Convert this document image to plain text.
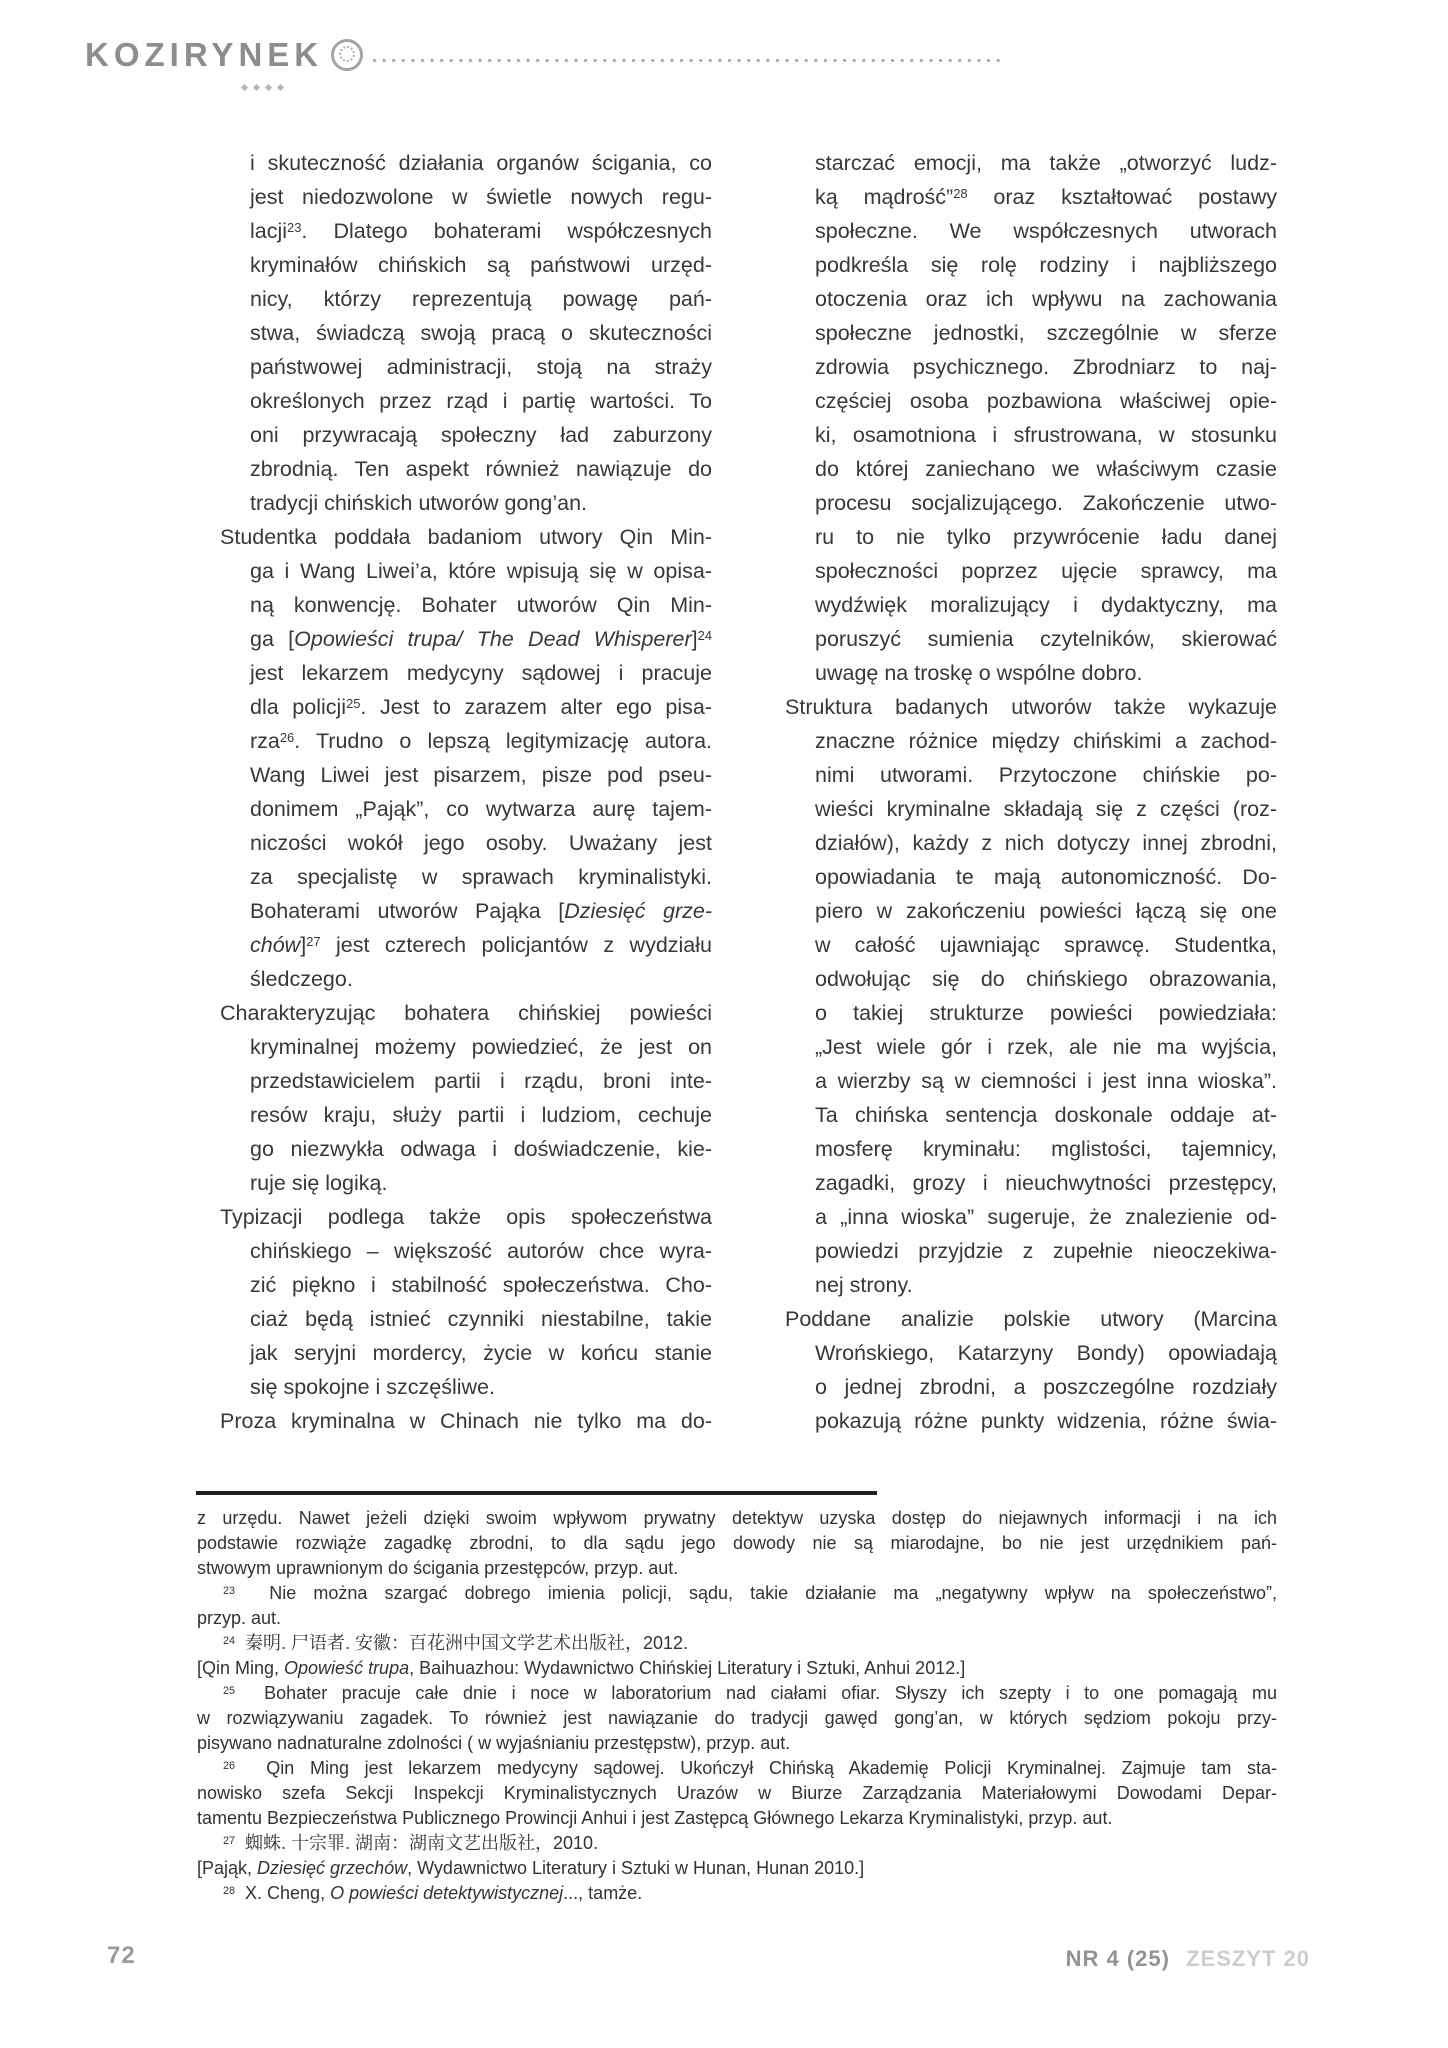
KOZIRYNEK
i skuteczność działania organów ścigania, co
jest niedozwolone w świetle nowych regu-
lacji$^{23}$. Dlatego bohaterami współczesnych
kryminałów chińskich są państwowi urzęd-
nicy, którzy reprezentują powagę pań-
stwa, świadczą swoją pracą o skuteczności
państwowej administracji, stoją na straży
określonych przez rząd i partię wartości. To
oni przywracają społeczny ład zaburzony
zbrodnią. Ten aspekt również nawiązuje do
tradycji chińskich utworów gong’an.
Studentka poddała badaniom utwory Qin Min-
ga i Wang Liwei’a, które wpisują się w opisa-
ną konwencję. Bohater utworów Qin Min-
ga [Opowieści trupa/ The Dead Whisperer]$^{24}$
jest lekarzem medycyny sądowej i pracuje
dla policji$^{25}$. Jest to zarazem alter ego pisa-
rza$^{26}$. Trudno o lepszą legitymizację autora.
Wang Liwei jest pisarzem, pisze pod pseu-
donimem „Pająk”, co wytwarza aurę tajem-
niczości wokół jego osoby. Uważany jest
za specjalistę w sprawach kryminalistyki.
Bohaterami utworów Pająka [Dziesięć grze-
chów]$^{27}$ jest czterech policjantów z wydziału
śledczego.
Charakteryzując bohatera chińskiej powieści
kryminalnej możemy powiedzieć, że jest on
przedstawicielem partii i rządu, broni inte-
resów kraju, służy partii i ludziom, cechuje
go niezwykła odwaga i doświadczenie, kie-
ruje się logiką.
Typizacji podlega także opis społeczeństwa
chińskiego – większość autorów chce wyra-
zić piękno i stabilność społeczeństwa. Cho-
ciaż będą istnieć czynniki niestabilne, takie
jak seryjni mordercy, życie w końcu stanie
się spokojne i szczęśliwe.
Proza kryminalna w Chinach nie tylko ma do-
starczać emocji, ma także „otworzyć ludz-
ką mądrość”$^{28}$ oraz kształtować postawy
społeczne. We współczesnych utworach
podkreśla się rolę rodziny i najbliższego
otoczenia oraz ich wpływu na zachowania
społeczne jednostki, szczególnie w sferze
zdrowia psychicznego. Zbrodniarz to naj-
częściej osoba pozbawiona właściwej opie-
ki, osamotniona i sfrustrowana, w stosunku
do której zaniechano we właściwym czasie
procesu socjalizującego. Zakończenie utwo-
ru to nie tylko przywrócenie ładu danej
społeczności poprzez ujęcie sprawcy, ma
wydźwięk moralizujący i dydaktyczny, ma
poruszyć sumienia czytelników, skierować
uwagę na troskę o wspólne dobro.
Struktura badanych utworów także wykazuje
znaczne różnice między chińskimi a zachod-
nimi utworami. Przytoczone chińskie po-
wieści kryminalne składają się z części (roz-
działów), każdy z nich dotyczy innej zbrodni,
opowiadania te mają autonomiczność. Do-
piero w zakończeniu powieści łączą się one
w całość ujawniając sprawcę. Studentka,
odwołując się do chińskiego obrazowania,
o takiej strukturze powieści powiedziała:
„Jest wiele gór i rzek, ale nie ma wyjścia,
a wierzby są w ciemności i jest inna wioska”.
Ta chińska sentencja doskonale oddaje at-
mosferę kryminału: mglistości, tajemnicy,
zagadki, grozy i nieuchwytności przestępcy,
a „inna wioska” sugeruje, że znalezienie od-
powiedzi przyjdzie z zupełnie nieoczekiwa-
nej strony.
Poddane analizie polskie utwory (Marcina
Wrońskiego, Katarzyny Bondy) opowiadają
o jednej zbrodni, a poszczególne rozdziały
pokazują różne punkty widzenia, różne świa-
z urzędu. Nawet jeżeli dzięki swoim wpływom prywatny detektyw uzyska dostęp do niejawnych informacji i na ich
podstawie rozwiąże zagadkę zbrodni, to dla sądu jego dowody nie są miarodajne, bo nie jest urzędnikiem pań-
stwowym uprawnionym do ścigania przestępców, przyp. aut.
$^{23}$  Nie można szargać dobrego imienia policji, sądu, takie działanie ma „negatywny wpływ na społeczeństwo”,
przyp. aut.
$^{24}$  秦明. 尸语者. 安徽：百花洲中国文学艺术出版社，2012.
[Qin Ming, Opowieść trupa, Baihuazhou: Wydawnictwo Chińskiej Literatury i Sztuki, Anhui 2012.]
$^{25}$  Bohater pracuje całe dnie i noce w laboratorium nad ciałami ofiar. Słyszy ich szepty i to one pomagają mu
w rozwiązywaniu zagadek. To również jest nawiązanie do tradycji gawęd gong’an, w których sędziom pokoju przy-
pisywano nadnaturalne zdolności ( w wyjaśnianiu przestępstw), przyp. aut.
$^{26}$  Qin Ming jest lekarzem medycyny sądowej. Ukończył Chińską Akademię Policji Kryminalnej. Zajmuje tam sta-
nowisko szefa Sekcji Inspekcji Kryminalistycznych Urazów w Biurze Zarządzania Materiałowymi Dowodami Depar-
tamentu Bezpieczeństwa Publicznego Prowincji Anhui i jest Zastępcą Głównego Lekarza Kryminalistyki, przyp. aut.
$^{27}$  蜘蛛. 十宗罪. 湖南：湖南文艺出版社，2010.
[Pająk, Dziesięć grzechów, Wydawnictwo Literatury i Sztuki w Hunan, Hunan 2010.]
$^{28}$  X. Cheng, O powieści detektywistycznej..., tamże.
72	NR 4 (25) ZESZYT 20
